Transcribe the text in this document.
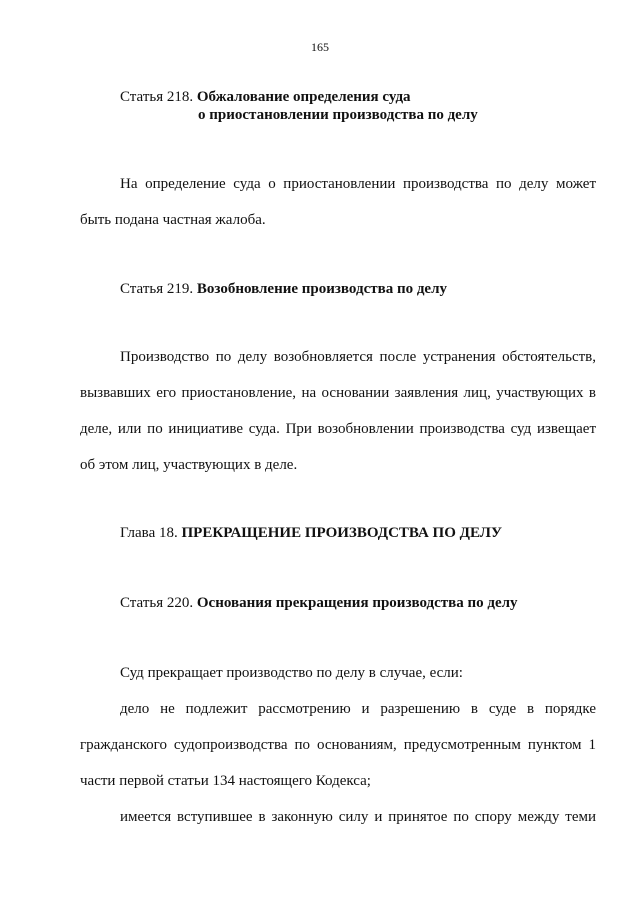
165
Статья 218. Обжалование определения суда
о приостановлении производства по делу
На определение суда о приостановлении производства по делу может
быть подана частная жалоба.
Статья 219. Возобновление производства по делу
Производство по делу возобновляется после устранения обстоятельств,
вызвавших его приостановление, на основании заявления лиц, участвующих в
деле, или по инициативе суда. При возобновлении производства суд извещает
об этом лиц, участвующих в деле.
Глава 18. ПРЕКРАЩЕНИЕ ПРОИЗВОДСТВА ПО ДЕЛУ
Статья 220. Основания прекращения производства по делу
Суд прекращает производство по делу в случае, если:
дело не подлежит рассмотрению и разрешению в суде в порядке
гражданского судопроизводства по основаниям, предусмотренным пунктом 1
части первой статьи 134 настоящего Кодекса;
имеется вступившее в законную силу и принятое по спору между теми
